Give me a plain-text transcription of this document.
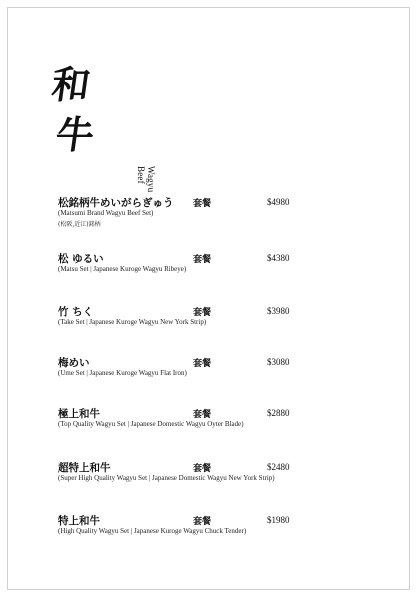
和
牛
Wagyu Beef
松銘柄牛めいがらぎゅう 套餐	$4980
(Matsumi Brand Wagyu Beef Set)
(松阪,近江)銘柄
松 ゆるい	套餐	$4380
(Matsu Set | Japanese Kuroge Wagyu Ribeye)
竹 ちく	套餐	$3980
(Take Set | Japanese Kuroge Wagyu New York Strip)
梅めい	套餐	$3080
(Ume Set | Japanese Kuroge Wagyu Flat Iron)
極上和牛	套餐	$2880
(Top Quality Wagyu Set | Japanese Domestic Wagyu Oyter Blade)
超特上和牛	套餐	$2480
(Super High Quality Wagyu Set | Japanese Domestic Wagyu New York Strip)
特上和牛	套餐	$1980
(High Quality Wagyu Set | Japanese Kuroge Wagyu Chuck Tender)
